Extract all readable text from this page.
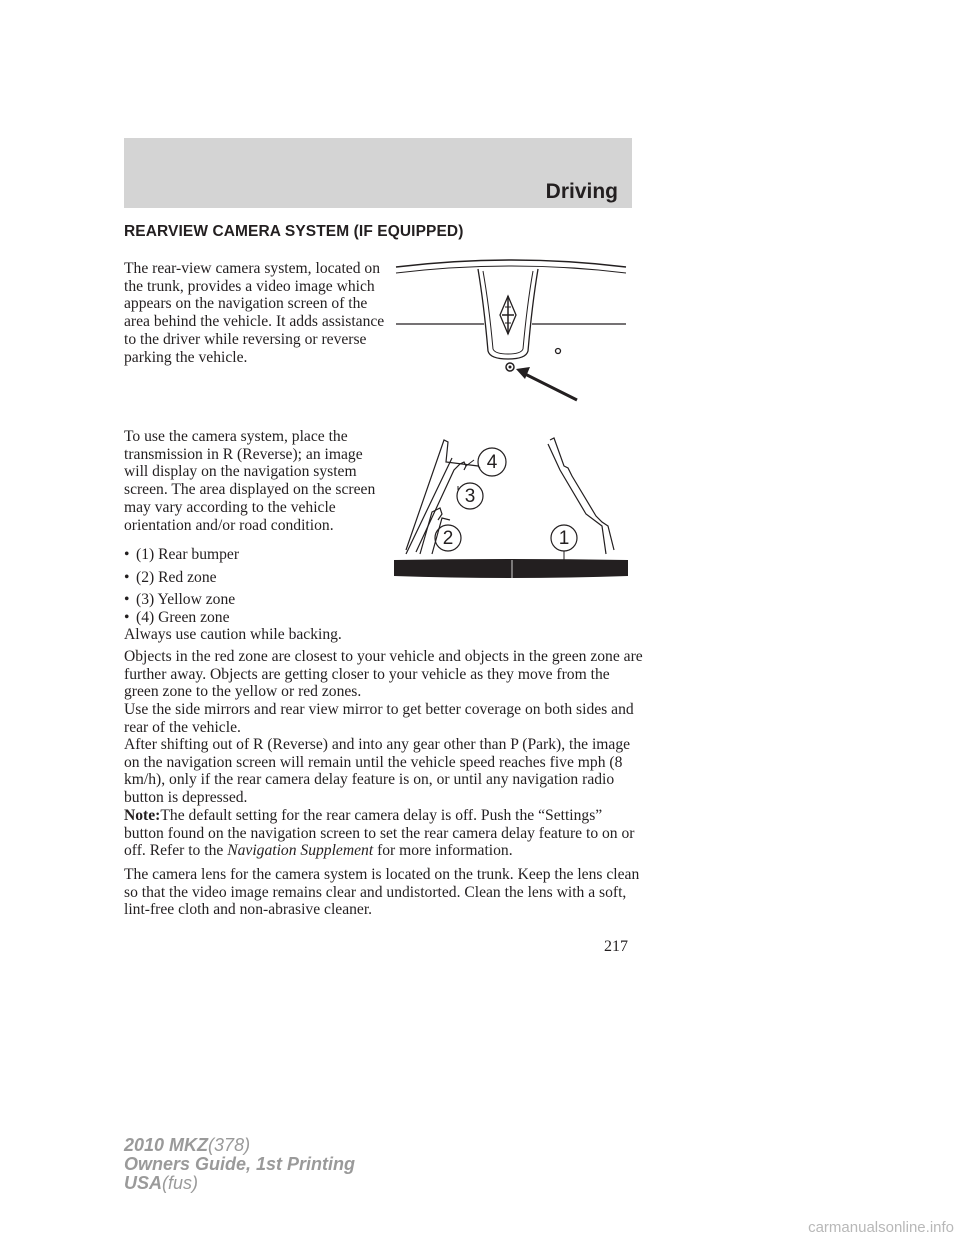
Driving
REARVIEW CAMERA SYSTEM (IF EQUIPPED)

The rear-view camera system, located on the trunk, provides a video image which appears on the navigation screen of the area behind the vehicle. It adds assistance to the driver while reversing or reverse parking the vehicle.

To use the camera system, place the transmission in R (Reverse); an image will display on the navigation system screen. The area displayed on the screen may vary according to the vehicle orientation and/or road condition.

4
3
2	1
• (1) Rear bumper
• (2) Red zone
• (3) Yellow zone
• (4) Green zone

Always use caution while backing.

Objects in the red zone are closest to your vehicle and objects in the green zone are further away. Objects are getting closer to your vehicle as they move from the green zone to the yellow or red zones.

Use the side mirrors and rear view mirror to get better coverage on both sides and rear of the vehicle.

After shifting out of R (Reverse) and into any gear other than P (Park), the image on the navigation screen will remain until the vehicle speed reaches five mph (8 km/h), only if the rear camera delay feature is on, or until any navigation radio button is depressed.

Note:The default setting for the rear camera delay is off. Push the “Settings” button found on the navigation screen to set the rear camera delay feature to on or off. Refer to the Navigation Supplement for more information.

The camera lens for the camera system is located on the trunk. Keep the lens clean so that the video image remains clear and undistorted. Clean the lens with a soft, lint-free cloth and non-abrasive cleaner.

217
2010 MKZ(378)
Owners Guide, 1st Printing
USA(fus)
carmanualsonline.info
